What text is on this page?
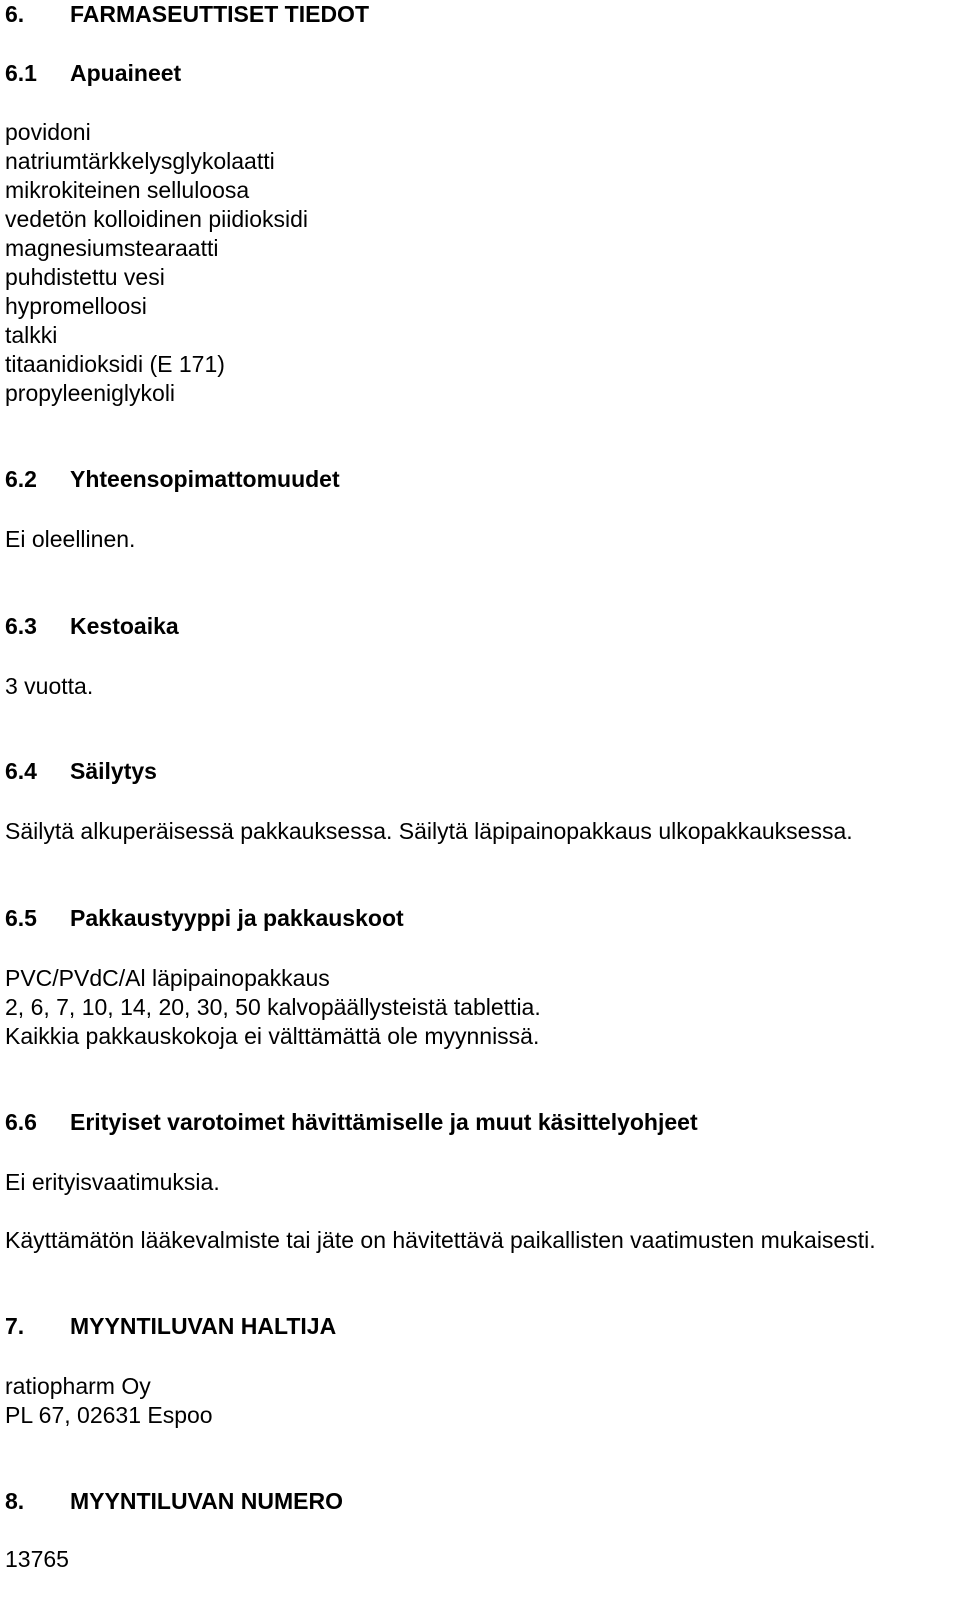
6. FARMASEUTTISET TIEDOT
6.1 Apuaineet

povidoni

natriumtärkkelysglykolaatti

mikrokiteinen selluloosa

vedetön kolloidinen piidioksidi

magnesiumstearaatti

puhdistettu vesi

hypromelloosi

talkki

titaanidioksidi (E 171)

propyleeniglykoli

6.2 Yhteensopimattomuudet

Ei oleellinen.

6.3 Kestoaika

3 vuotta.

6.4 Säilytys

Säilytä alkuperäisessä pakkauksessa. Säilytä läpipainopakkaus ulkopakkauksessa.

6.5 Pakkaustyyppi ja pakkauskoot

PVC/PVdC/Al läpipainopakkaus

2, 6, 7, 10, 14, 20, 30, 50 kalvopäällysteistä tablettia.

Kaikkia pakkauskokoja ei välttämättä ole myynnissä.

6.6 Erityiset varotoimet hävittämiselle ja muut käsittelyohjeet

Ei erityisvaatimuksia.

Käyttämätön lääkevalmiste tai jäte on hävitettävä paikallisten vaatimusten mukaisesti.

7. MYYNTILUVAN HALTIJA

ratiopharm Oy

PL 67, 02631 Espoo

8. MYYNTILUVAN NUMERO

13765
